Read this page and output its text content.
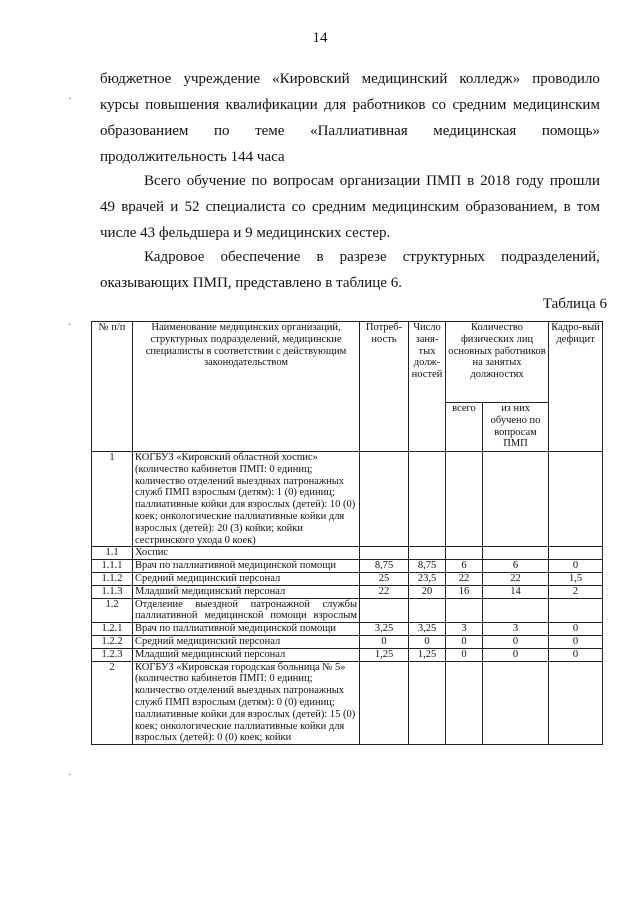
14
бюджетное учреждение «Кировский медицинский колледж» проводило
курсы повышения квалификации для работников со средним медицинским
образованием по теме «Паллиативная медицинская помощь»
продолжительность 144 часа
Всего обучение по вопросам организации ПМП в 2018 году прошли
49 врачей и 52 специалиста со средним медицинским образованием, в том
числе 43 фельдшера и 9 медицинских сестер.
Кадровое обеспечение в разрезе структурных подразделений,
оказывающих ПМП, представлено в таблице 6.
Таблица 6
№ п/п	Наименование медицинских организаций, структурных подразделений, медицинские специалисты в соответствии с действующим законодательством	Потреб-ность	Число заня-тых долж-ностей	Количество физических лиц основных работников на занятых должностях		Кадро-вый дефицит
				всего	из них обучено по вопросам ПМП	
1	КОГБУЗ «Кировский областной хоспис» (количество кабинетов ПМП: 0 единиц; количество отделений выездных патронажных служб ПМП взрослым (детям): 1 (0) единиц; паллиативные койки для взрослых (детей): 10 (0) коек; онкологические паллиативные койки для взрослых (детей): 20 (3) койки; койки сестринского ухода 0 коек)					
1.1	Хоспис					
1.1.1	Врач по паллиативной медицинской помощи	8,75	8,75	6	6	0
1.1.2	Средний медицинский персонал	25	23,5	22	22	1,5
1.1.3	Младший медицинский персонал	22	20	16	14	2
1.2	Отделение выездной патронажной службы паллиативной медицинской помощи взрослым					
1.2.1	Врач по паллиативной медицинской помощи	3,25	3,25	3	3	0
1.2.2	Средний медицинский персонал	0	0	0	0	0
1.2.3	Младший медицинский персонал	1,25	1,25	0	0	0
2	КОГБУЗ «Кировская городская больница № 5» (количество кабинетов ПМП: 0 единиц; количество отделений выездных патронажных служб ПМП взрослым (детям): 0 (0) единиц; паллиативные койки для взрослых (детей): 15 (0) коек; онкологические паллиативные койки для взрослых (детей): 0 (0) коек; койки					
·
·
·
